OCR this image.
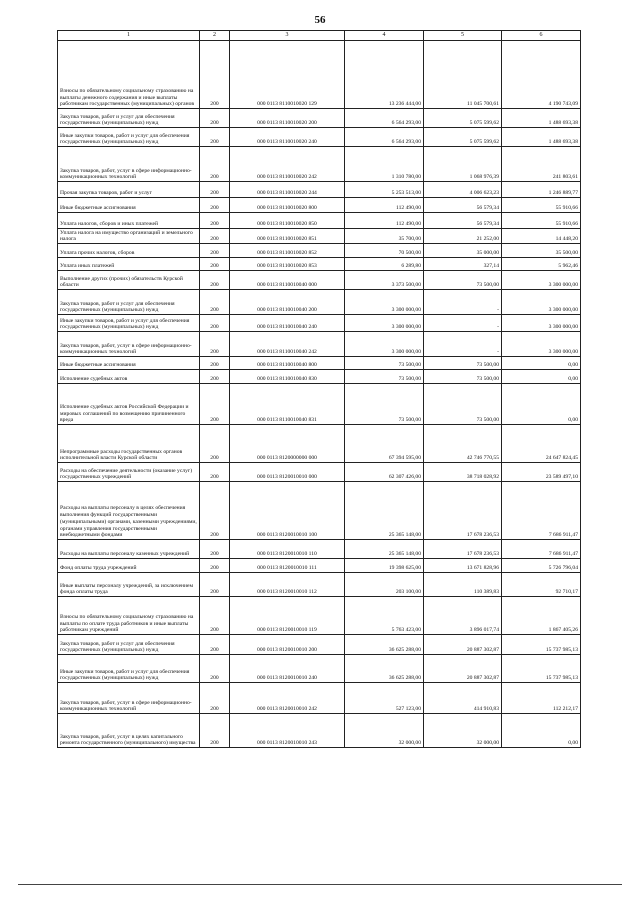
56
1	2	3	4	5	6
Взносы по обязательному социальному страхованию на выплаты денежного содержания и иные выплаты работникам государственных (муниципальных) органов	200	000 0113 8110010020 129	13 236 444,00	11 045 700,61	4 190 743,09
Закупка товаров, работ и услуг для обеспечения государственных (муниципальных) нужд	200	000 0113 8110010020 200	6 564 293,00	5 075 599,62	1 488 693,38
Иные закупки товаров, работ и услуг для обеспечения государственных (муниципальных) нужд	200	000 0113 8110010020 240	6 564 293,00	5 075 599,62	1 488 693,38
Закупка товаров, работ, услуг в сфере информационно-коммуникационных технологий	200	000 0113 8110010020 242	1 310 780,00	1 068 976,39	241 803,61
Прочая закупка товаров, работ и услуг	200	000 0113 8110010020 244	5 253 513,00	4 006 623,23	1 246 889,77
Иные бюджетные ассигнования	200	000 0113 8110010020 800	112 490,00	56 579,34	55 910,66
Уплата налогов, сборов и иных платежей	200	000 0113 8110010020 850	112 490,00	56 579,34	55 910,66
Уплата налога на имущество организаций и земельного налога	200	000 0113 8110010020 851	35 700,00	21 252,00	14 448,20
Уплата прочих налогов, сборов	200	000 0113 8110010020 852	70 500,00	35 000,00	35 500,00
Уплата иных платежей	200	000 0113 8110010020 853	6 289,80	327,14	5 962,46
Выполнение других (прочих) обязательств Курской области	200	000 0113 8110010040 000	3 373 500,00	73 500,00	3 300 000,00
Закупка товаров, работ и услуг для обеспечения государственных (муниципальных) нужд	200	000 0113 8110010040 200	3 300 000,00	-	3 300 000,00
Иные закупки товаров, работ и услуг для обеспечения государственных (муниципальных) нужд	200	000 0113 8110010040 240	3 300 000,00	-	3 300 000,00
Закупка товаров, работ, услуг в сфере информационно-коммуникационных технологий	200	000 0113 8110010040 242	3 300 000,00	-	3 300 000,00
Иные бюджетные ассигнования	200	000 0113 8110010040 800	73 500,00	73 500,00	0,00
Исполнение судебных актов	200	000 0113 8110010040 830	73 500,00	73 500,00	0,00
Исполнение судебных актов Российской Федерации и мировых соглашений по возмещению причиненного вреда	200	000 0113 8110010040 831	73 500,00	73 500,00	0,00
Непрограммные расходы государственных органов исполнительной власти Курской области	200	000 0113 8120000000 000	67 394 595,00	42 746 770,55	24 647 824,45
Расходы на обеспечение деятельности (оказание услуг) государственных учреждений	200	000 0113 8120010010 000	62 307 426,00	38 718 028,92	23 589 497,10
Расходы на выплаты персоналу в целях обеспечения выполнения функций государственными (муниципальными) органами, казенными учреждениями, органами управления государственными внебюджетными фондами	200	000 0113 8120010010 100	25 365 148,00	17 678 236,53	7 686 911,47
Расходы на выплаты персоналу казенных учреждений	200	000 0113 8120010010 110	25 365 148,00	17 678 236,53	7 686 911,47
Фонд оплаты труда учреждений	200	000 0113 8120010010 111	19 398 625,00	13 671 828,96	5 726 796,04
Иные выплаты персоналу учреждений, за исключением фонда оплаты труда	200	000 0113 8120010010 112	203 100,00	110 389,83	92 710,17
Взносы по обязательному социальному страхованию на выплаты по оплате труда работников и иные выплаты работникам учреждений	200	000 0113 8120010010 119	5 763 423,00	3 896 017,74	1 867 405,26
Закупка товаров, работ и услуг для обеспечения государственных (муниципальных) нужд	200	000 0113 8120010010 200	36 625 288,00	20 887 302,87	15 737 985,13
Иные закупки товаров, работ и услуг для обеспечения государственных (муниципальных) нужд	200	000 0113 8120010010 240	36 625 288,00	20 887 302,87	15 737 985,13
Закупка товаров, работ, услуг в сфере информационно-коммуникационных технологий	200	000 0113 8120010010 242	527 123,00	414 910,83	112 212,17
Закупка товаров, работ, услуг в целях капитального ремонта государственного (муниципального) имущества	200	000 0113 8120010010 243	32 000,00	32 000,00	0,00
